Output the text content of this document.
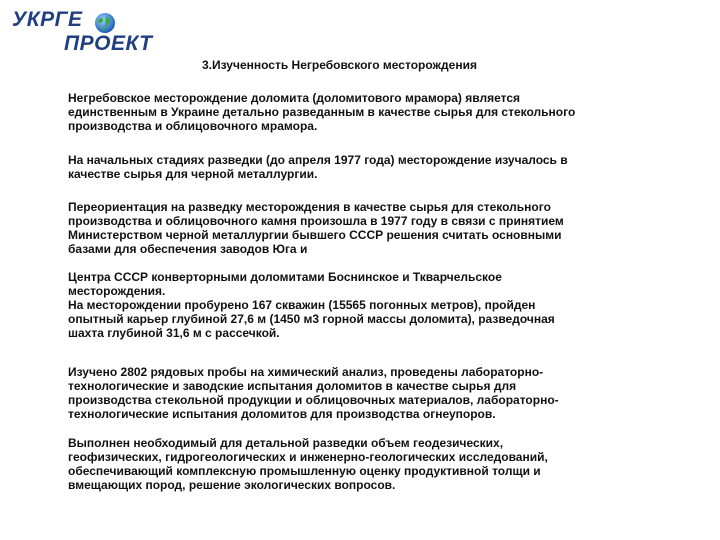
УКРГЕ
ПРОЕКТ
3.Изученность Негребовского месторождения
Негребовское месторождение доломита (доломитового мрамора) является
единственным в Украине детально разведанным в качестве сырья для стекольного
производства и облицовочного мрамора.
На начальных стадиях разведки (до апреля 1977 года) месторождение изучалось в
качестве сырья для черной металлургии.
Переориентация на разведку месторождения в качестве сырья для стекольного
производства и облицовочного камня произошла в 1977 году в связи с принятием
Министерством черной металлургии бывшего СССР решения считать основными
базами для обеспечения заводов Юга и
Центра СССР конверторными доломитами Боснинское и Ткварчельское
месторождения.
На месторождении пробурено 167 скважин (15565 погонных метров), пройден
опытный карьер глубиной 27,6 м (1450 м3 горной массы доломита), разведочная
шахта глубиной 31,6 м с рассечкой.
Изучено 2802 рядовых пробы на химический анализ, проведены лабораторно-
технологические и заводские испытания доломитов в качестве сырья для
производства стекольной продукции и облицовочных материалов, лабораторно-
технологические испытания доломитов для производства огнеупоров.
Выполнен необходимый для детальной разведки объем геодезических,
геофизических, гидрогеологических и инженерно-геологических исследований,
обеспечивающий комплексную промышленную оценку продуктивной толщи и
вмещающих пород, решение экологических вопросов.
